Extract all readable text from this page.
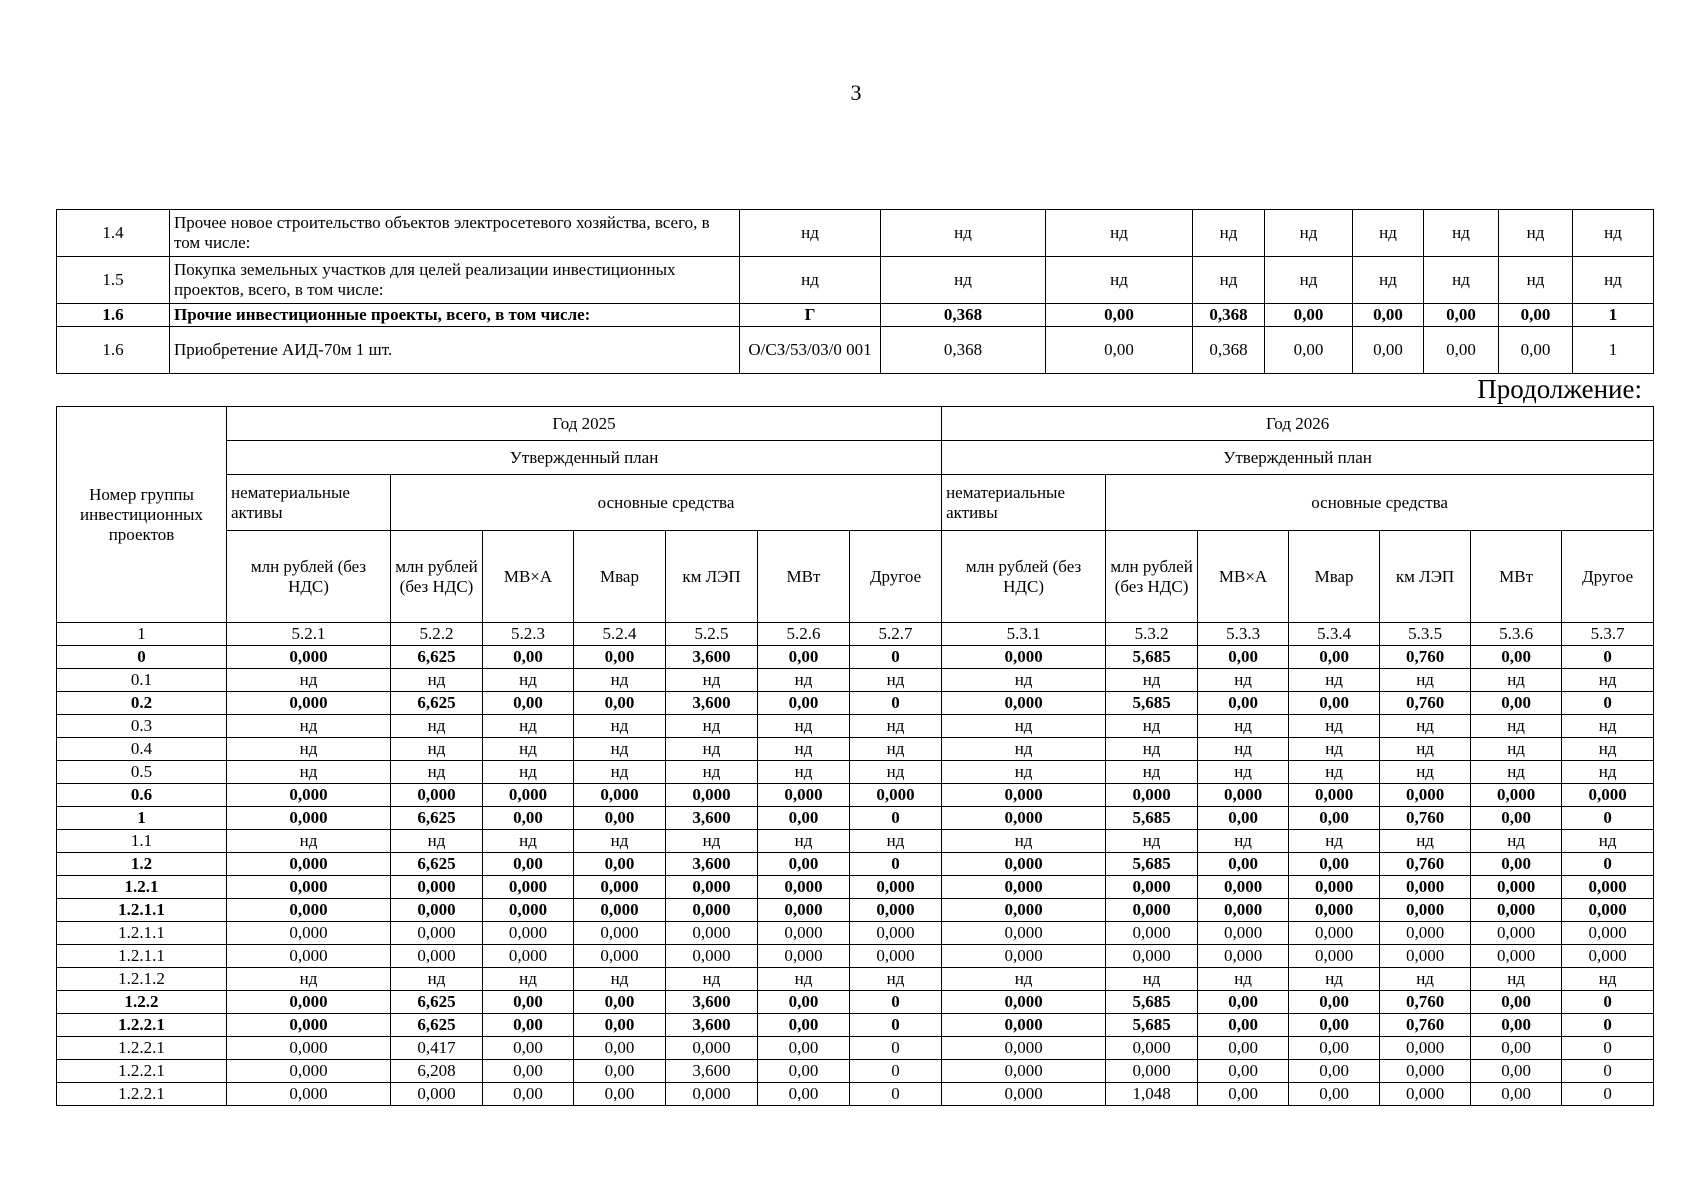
3
1.4	Прочее новое строительство объектов электросетевого хозяйства, всего, в том числе:	нд	нд	нд	нд	нд	нд	нд	нд	нд
1.5	Покупка земельных участков для целей реализации инвестиционных проектов, всего, в том числе:	нд	нд	нд	нд	нд	нд	нд	нд	нд
1.6	Прочие инвестиционные проекты, всего, в том числе:	Г	0,368	0,00	0,368	0,00	0,00	0,00	0,00	1
1.6	Приобретение АИД-70м 1 шт.	О/СЗ/53/03/0 001	0,368	0,00	0,368	0,00	0,00	0,00	0,00	1
Продолжение:
Номер группы инвестиционных проектов	Год 2025							Год 2026						
	Утвержденный план							Утвержденный план						
	нематериальные активы	основные средства						нематериальные активы	основные средства					
	млн рублей (без НДС)	млн рублей (без НДС)	МВ×А	Мвар	км ЛЭП	МВт	Другое	млн рублей (без НДС)	млн рублей (без НДС)	МВ×А	Мвар	км ЛЭП	МВт	Другое
1	5.2.1	5.2.2	5.2.3	5.2.4	5.2.5	5.2.6	5.2.7	5.3.1	5.3.2	5.3.3	5.3.4	5.3.5	5.3.6	5.3.7
0	0,000	6,625	0,00	0,00	3,600	0,00	0	0,000	5,685	0,00	0,00	0,760	0,00	0
0.1	нд	нд	нд	нд	нд	нд	нд	нд	нд	нд	нд	нд	нд	нд
0.2	0,000	6,625	0,00	0,00	3,600	0,00	0	0,000	5,685	0,00	0,00	0,760	0,00	0
0.3	нд	нд	нд	нд	нд	нд	нд	нд	нд	нд	нд	нд	нд	нд
0.4	нд	нд	нд	нд	нд	нд	нд	нд	нд	нд	нд	нд	нд	нд
0.5	нд	нд	нд	нд	нд	нд	нд	нд	нд	нд	нд	нд	нд	нд
0.6	0,000	0,000	0,000	0,000	0,000	0,000	0,000	0,000	0,000	0,000	0,000	0,000	0,000	0,000
1	0,000	6,625	0,00	0,00	3,600	0,00	0	0,000	5,685	0,00	0,00	0,760	0,00	0
1.1	нд	нд	нд	нд	нд	нд	нд	нд	нд	нд	нд	нд	нд	нд
1.2	0,000	6,625	0,00	0,00	3,600	0,00	0	0,000	5,685	0,00	0,00	0,760	0,00	0
1.2.1	0,000	0,000	0,000	0,000	0,000	0,000	0,000	0,000	0,000	0,000	0,000	0,000	0,000	0,000
1.2.1.1	0,000	0,000	0,000	0,000	0,000	0,000	0,000	0,000	0,000	0,000	0,000	0,000	0,000	0,000
1.2.1.1	0,000	0,000	0,000	0,000	0,000	0,000	0,000	0,000	0,000	0,000	0,000	0,000	0,000	0,000
1.2.1.1	0,000	0,000	0,000	0,000	0,000	0,000	0,000	0,000	0,000	0,000	0,000	0,000	0,000	0,000
1.2.1.2	нд	нд	нд	нд	нд	нд	нд	нд	нд	нд	нд	нд	нд	нд
1.2.2	0,000	6,625	0,00	0,00	3,600	0,00	0	0,000	5,685	0,00	0,00	0,760	0,00	0
1.2.2.1	0,000	6,625	0,00	0,00	3,600	0,00	0	0,000	5,685	0,00	0,00	0,760	0,00	0
1.2.2.1	0,000	0,417	0,00	0,00	0,000	0,00	0	0,000	0,000	0,00	0,00	0,000	0,00	0
1.2.2.1	0,000	6,208	0,00	0,00	3,600	0,00	0	0,000	0,000	0,00	0,00	0,000	0,00	0
1.2.2.1	0,000	0,000	0,00	0,00	0,000	0,00	0	0,000	1,048	0,00	0,00	0,000	0,00	0
